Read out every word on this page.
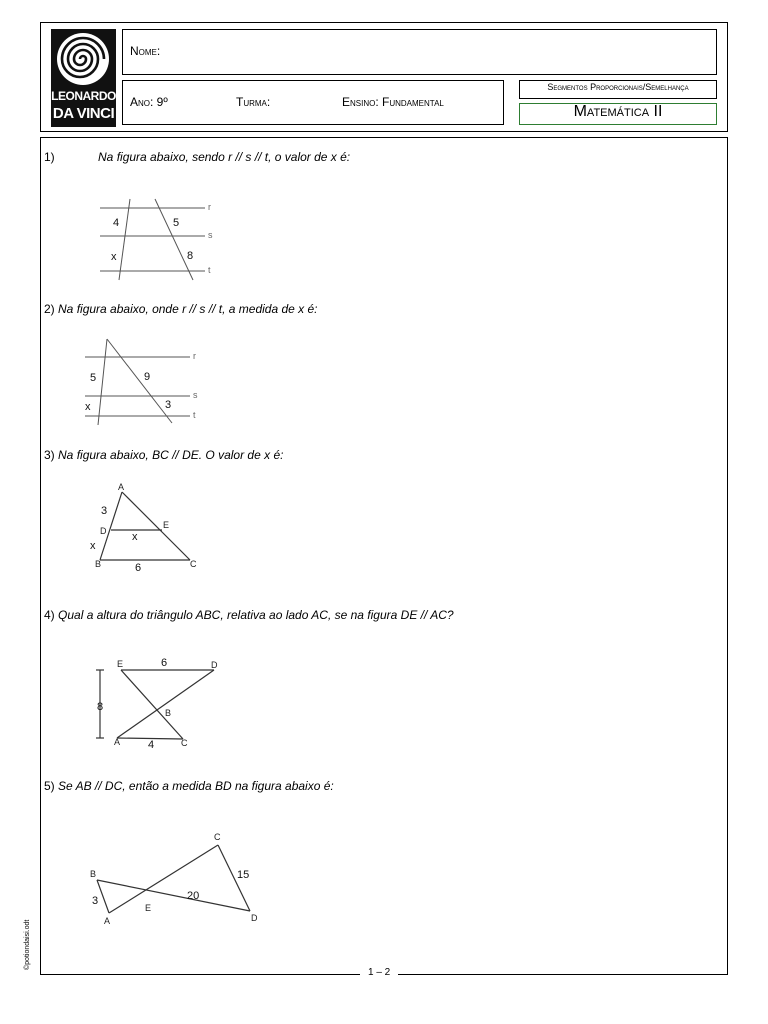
LEONARDO
DA VINCI
Nome:
Ano: 9º	Turma:	Ensino: Fundamental
Segmentos Proporcionais/Semelhança
Matemática II
1)	Na figura abaixo, sendo r // s // t, o valor de x é:
r
s
t
4	5
x	8
2) Na figura abaixo, onde r // s // t, a medida de x é:
r
s
t
5	9
x	3
3) Na figura abaixo, BC // DE. O valor de x é:
A
D
E
B	C
3
x
x
6
4) Qual a altura do triângulo ABC, relativa ao lado AC, se na figura DE // AC?
E	D
B
A	C
6
8
4
5) Se AB // DC, então a medida BD na figura abaixo é:
B
A
E
C
D
3	20
15
1 – 2
©potiondaisi.odt
